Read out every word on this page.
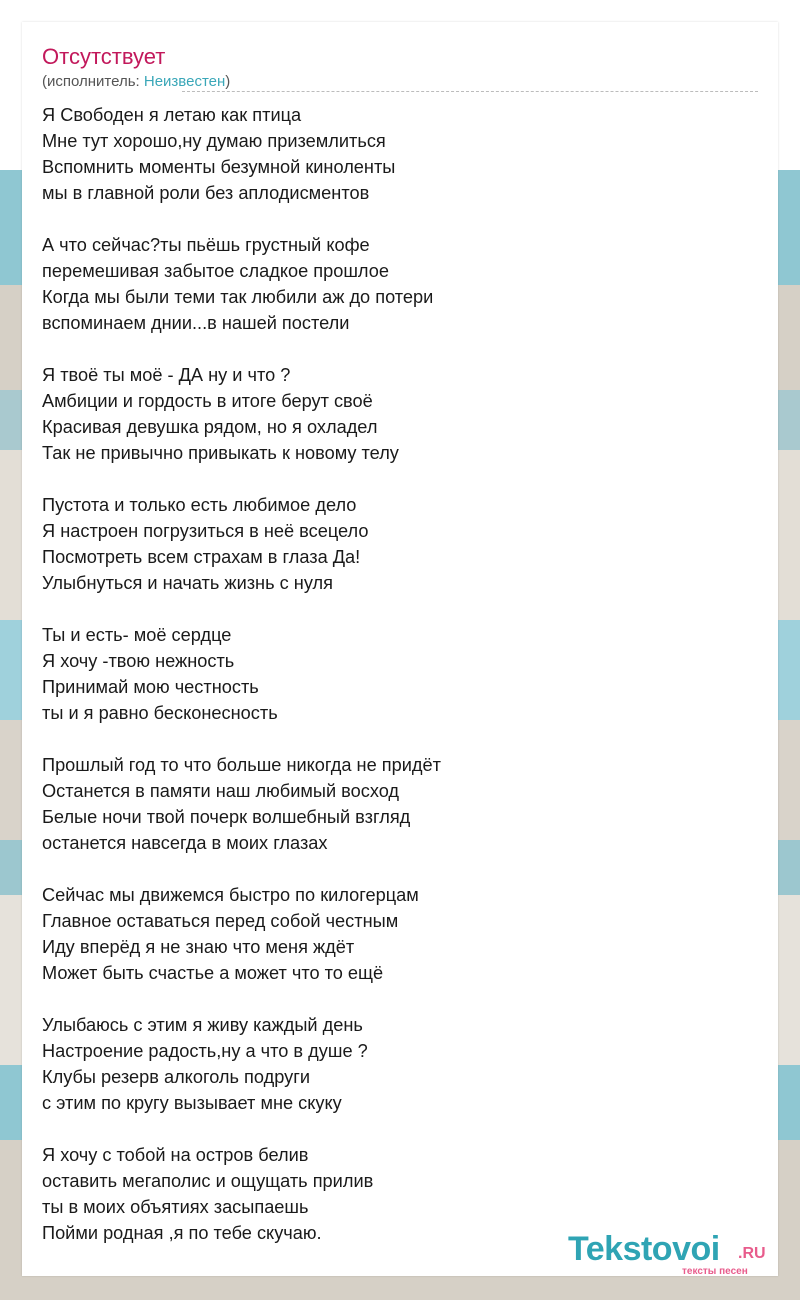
Отсутствует
(исполнитель: Неизвестен)
Я Свободен я летаю как птица
Мне тут хорошо,ну думаю приземлиться
Вспомнить моменты безумной киноленты
мы в главной роли без аплодисментов
А что сейчас?ты пьёшь грустный кофе
перемешивая забытое сладкое прошлое
Когда мы были теми так любили аж до потери
вспоминаем днии...в нашей постели
Я твоё ты моё - ДА ну и что ?
Амбиции и гордость в итоге берут своё
Красивая девушка рядом, но я охладел
Так не привычно привыкать к новому телу
Пустота и только есть любимое дело
Я настроен погрузиться в неё всецело
Посмотреть всем страхам в глаза Да!
Улыбнуться и начать жизнь с нуля
Ты и есть- моё сердце
Я хочу -твою нежность
Принимай мою честность
ты и я равно бесконесность
Прошлый год то что больше никогда не придёт
Останется в памяти наш любимый восход
Белые ночи твой почерк волшебный взгляд
останется навсегда в моих глазах
Сейчас мы движемся быстро по килогерцам
Главное оставаться перед собой честным
Иду вперёд я не знаю что меня ждёт
Может быть счастье а может что то ещё
Улыбаюсь с этим я живу каждый день
Настроение радость,ну а что в душе ?
Клубы резерв алкоголь подруги
с этим по кругу вызывает мне скуку
Я хочу с тобой на остров белив
оставить мегаполис и ощущать прилив
ты в моих объятиях засыпаешь
Пойми родная ,я по тебе скучаю.	Tekstovoi .RU
тексты песен
